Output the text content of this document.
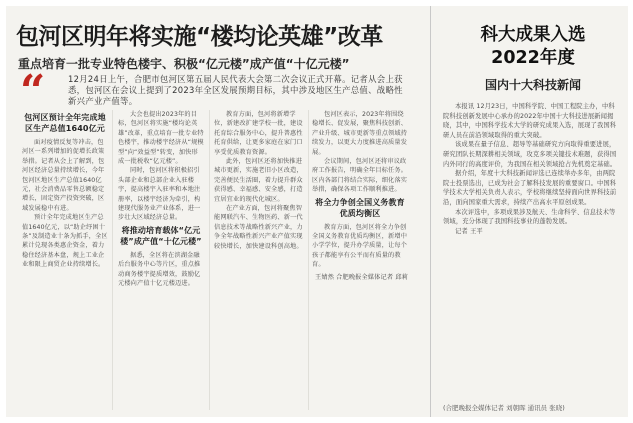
包河区明年将实施“楼均论英雄”改革
重点培育一批专业特色楼宇、积极“亿元楼”成产值“十亿元楼”
“	12月24日上午，合肥市包河区第五届人民代表大会第二次会议正式开幕。记者从会上获悉，包河区在会议上提到了2023年全区发展预期目标，其中涉及地区生产总值、战略性新兴产业产值等。
包河区预计全年完成地区生产总值1640亿元

面对疫情反复等冲击，包河区一系列增加的促增长政策举措。记者从会上了解到，包河区经济总量持续增长，今年包河区地区生产总值1640亿元，社会消费品零售总额稳定增长，固定资产投资突破，区域发展稳中有进。

预计全年完成地区生产总值1640亿元，以“助企纾困十条”及制造业十条为抓手，全区累计兑现各类惠企资金，着力稳住经济基本盘，规上工业企业和限上商贸企业持续增长。

大会也提出2023年的目标，包河区将实施“楼均论英雄”改革，重点培育一批专业特色楼宇，推动楼宇经济从“规模型”向“效益型”转变，加快形成一批税收“亿元楼”。

同时，包河区将积极招引头部企业和总部企业入驻楼宇，提高楼宇入驻率和本地注册率，以楼宇经济为牵引，构建现代服务业产业体系，进一步壮大区域经济总量。

将推动培育载体“亿元楼”成产值“十亿元楼”

据悉，全区将在滨湖金融后台服务中心等片区，重点推动商务楼宇提质增效，鼓励亿元楼向产值十亿元楼迈进。

教育方面，包河将新增学位，新建改扩建学校一批，建设托育综合服务中心，提升普惠性托育供给，让更多家庭在家门口享受优质教育资源。

此外，包河区还将加快推进城市更新，实施老旧小区改造，完善便民生活圈，着力提升群众获得感、幸福感、安全感，打造宜居宜业的现代化城区。

在产业方面，包河将聚焦智能网联汽车、生物医药、新一代信息技术等战略性新兴产业，力争全年战略性新兴产业产值实现较快增长，加快建设科创高地。

包河区表示，2023年将围绕稳增长、促发展，聚焦科技创新、产业升级、城市更新等重点领域持续发力，以更大力度推进高质量发展。

会议期间，包河区还将审议政府工作报告，明确全年目标任务。区内各部门将结合实际，细化落实举措，确保各项工作顺利推进。

将全力争创全国义务教育优质均衡区

教育方面，包河区将全力争创全国义务教育优质均衡区，新增中小学学位，提升办学质量，让每个孩子都能享有公平而有质量的教育。

王婧然 合肥晚报全媒体记者 邱莉
科大成果入选
2022年度
国内十大科技新闻

本报讯 12月23日，中国科学院、中国工程院主办，中科院科技创新发展中心承办的2022年中国十大科技进展新闻揭晓，其中，中国科学技术大学的研究成果入选，展现了我国科研人员在前沿领域取得的重大突破。

该成果在量子信息、超导等基础研究方向取得重要进展，研究团队长期深耕相关领域，攻克多项关键技术难题，获得国内外同行的高度评价，为我国在相关领域抢占先机奠定基础。

据介绍，年度十大科技新闻评选已连续举办多年，由两院院士投票选出，已成为社会了解科技发展的重要窗口。中国科学技术大学相关负责人表示，学校将继续坚持面向世界科技前沿，面向国家重大需求，持续产出高水平原创成果。

本次评选中，多项成果涉及航天、生命科学、信息技术等领域，充分体现了我国科技事业的蓬勃发展。

记者 王平

(合肥晚报全媒体记者 刘朝晖 通讯员 张晓)
